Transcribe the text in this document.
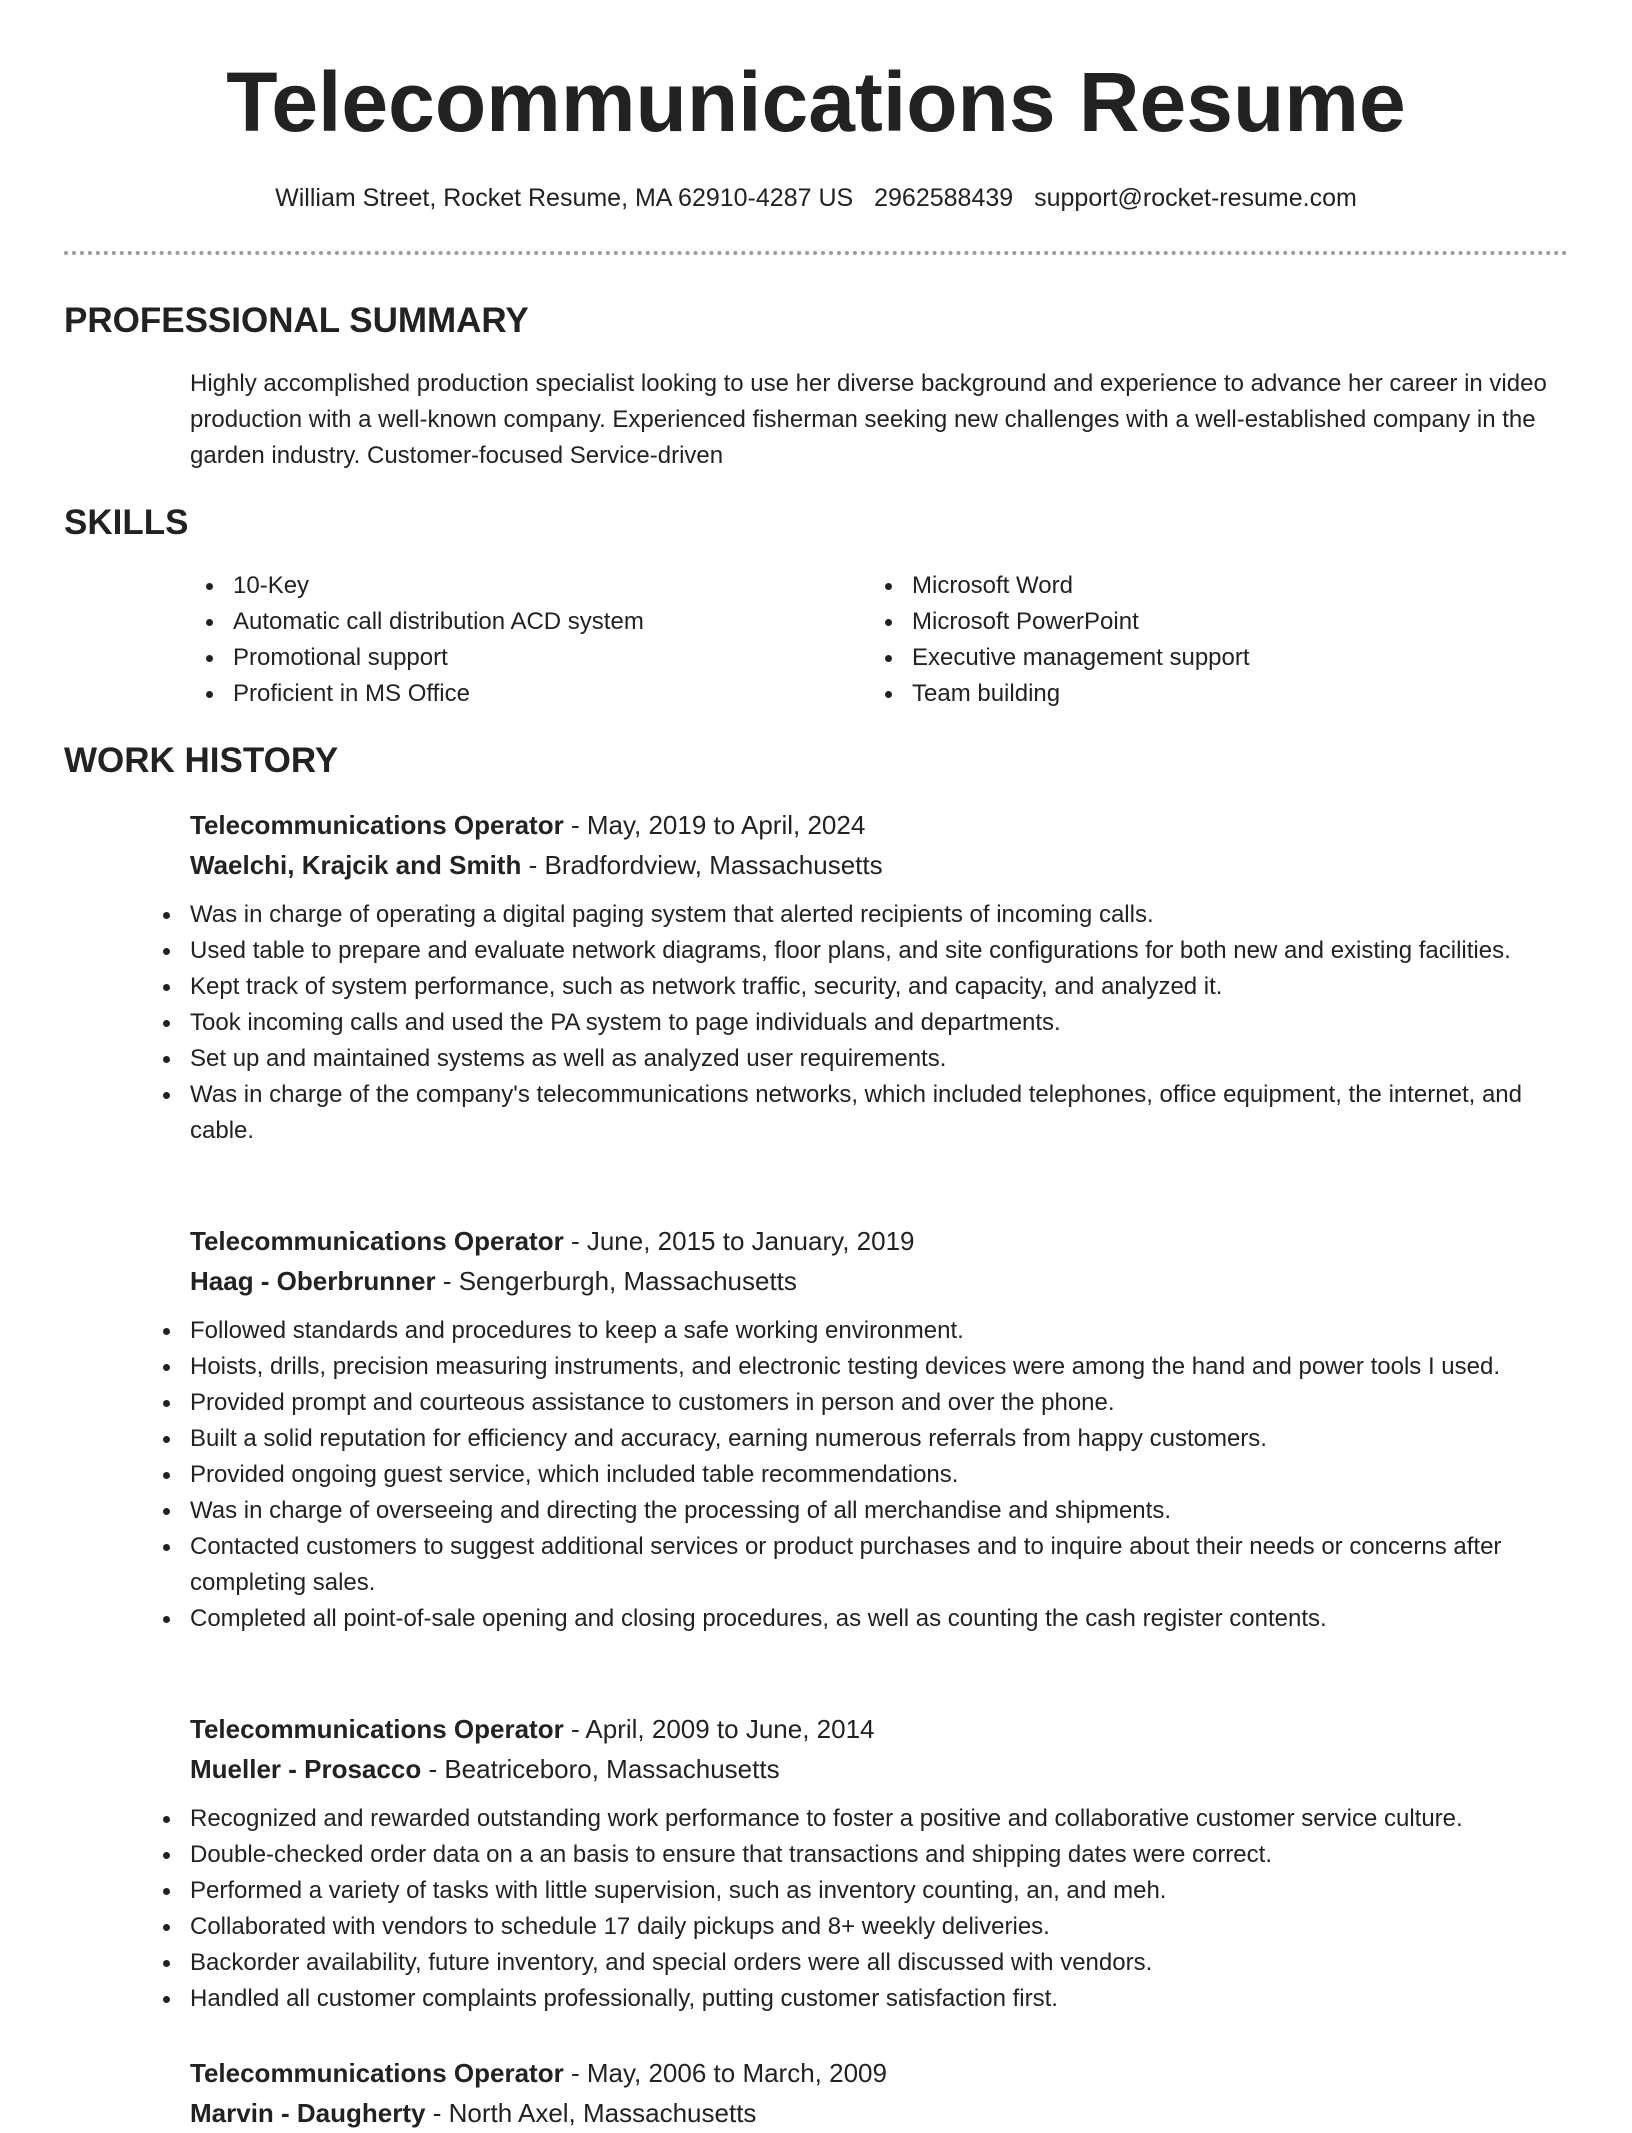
Telecommunications Resume
William Street, Rocket Resume, MA 62910-4287 US 2962588439 support@rocket-resume.com
PROFESSIONAL SUMMARY

Highly accomplished production specialist looking to use her diverse background and experience to advance her career in video production with a well-known company. Experienced fisherman seeking new challenges with a well-established company in the garden industry. Customer-focused Service-driven

SKILLS
10-Key
Automatic call distribution ACD system
Promotional support
Proficient in MS Office
Microsoft Word
Microsoft PowerPoint
Executive management support
Team building
WORK HISTORY
Telecommunications Operator - May, 2019 to April, 2024
Waelchi, Krajcik and Smith - Bradfordview, Massachusetts
Was in charge of operating a digital paging system that alerted recipients of incoming calls.
Used table to prepare and evaluate network diagrams, floor plans, and site configurations for both new and existing facilities.
Kept track of system performance, such as network traffic, security, and capacity, and analyzed it.
Took incoming calls and used the PA system to page individuals and departments.
Set up and maintained systems as well as analyzed user requirements.
Was in charge of the company's telecommunications networks, which included telephones, office equipment, the internet, and cable.
Telecommunications Operator - June, 2015 to January, 2019
Haag - Oberbrunner - Sengerburgh, Massachusetts
Followed standards and procedures to keep a safe working environment.
Hoists, drills, precision measuring instruments, and electronic testing devices were among the hand and power tools I used.
Provided prompt and courteous assistance to customers in person and over the phone.
Built a solid reputation for efficiency and accuracy, earning numerous referrals from happy customers.
Provided ongoing guest service, which included table recommendations.
Was in charge of overseeing and directing the processing of all merchandise and shipments.
Contacted customers to suggest additional services or product purchases and to inquire about their needs or concerns after completing sales.
Completed all point-of-sale opening and closing procedures, as well as counting the cash register contents.
Telecommunications Operator - April, 2009 to June, 2014
Mueller - Prosacco - Beatriceboro, Massachusetts
Recognized and rewarded outstanding work performance to foster a positive and collaborative customer service culture.
Double-checked order data on a an basis to ensure that transactions and shipping dates were correct.
Performed a variety of tasks with little supervision, such as inventory counting, an, and meh.
Collaborated with vendors to schedule 17 daily pickups and 8+ weekly deliveries.
Backorder availability, future inventory, and special orders were all discussed with vendors.
Handled all customer complaints professionally, putting customer satisfaction first.
Telecommunications Operator - May, 2006 to March, 2009
Marvin - Daugherty - North Axel, Massachusetts
